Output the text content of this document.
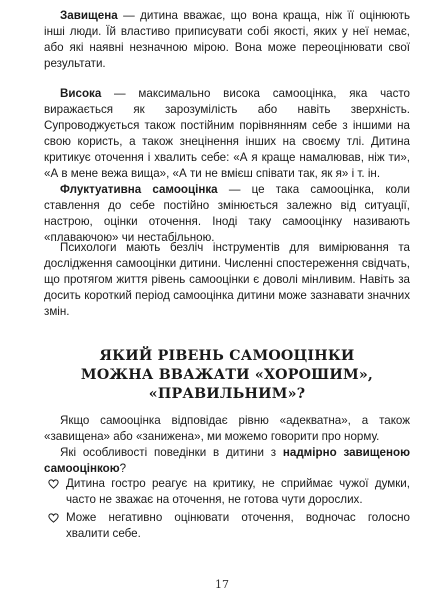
Завищена — дитина вважає, що вона краща, ніж її оцінюють інші люди. Їй властиво приписувати собі якості, яких у неї немає, або які наявні незначною мірою. Вона може переоцінювати свої результати.

Висока — максимально висока самооцінка, яка часто виражається як зарозумілість або навіть зверхність. Супроводжується також постійним порівнянням себе з іншими на свою користь, а також знецінення інших на своєму тлі. Дитина критикує оточення і хвалить себе: «А я краще намалював, ніж ти», «А в мене вежа вища», «А ти не вмієш співати так, як я» і т. ін.

Флуктуативна самооцінка — це така самооцінка, коли ставлення до себе постійно змінюється залежно від ситуації, настрою, оцінки оточення. Іноді таку самооцінку називають «плаваючою» чи нестабільною.

Психологи мають безліч інструментів для вимірювання та дослідження самооцінки дитини. Численні спостереження свідчать, що протягом життя рівень самооцінки є доволі мінливим. Навіть за досить короткий період самооцінка дитини може зазнавати значних змін.

ЯКИЙ РІВЕНЬ САМООЦІНКИ
МОЖНА ВВАЖАТИ «ХОРОШИМ»,
«ПРАВИЛЬНИМ»?

Якщо самооцінка відповідає рівню «адекватна», а також «завищена» або «занижена», ми можемо говорити про норму.

Які особливості поведінки в дитини з надмірно завищеною самооцінкою?

Дитина гостро реагує на критику, не сприймає чужої думки, часто не зважає на оточення, не готова чути дорослих.
Може негативно оцінювати оточення, водночас голосно хвалити себе.
17
